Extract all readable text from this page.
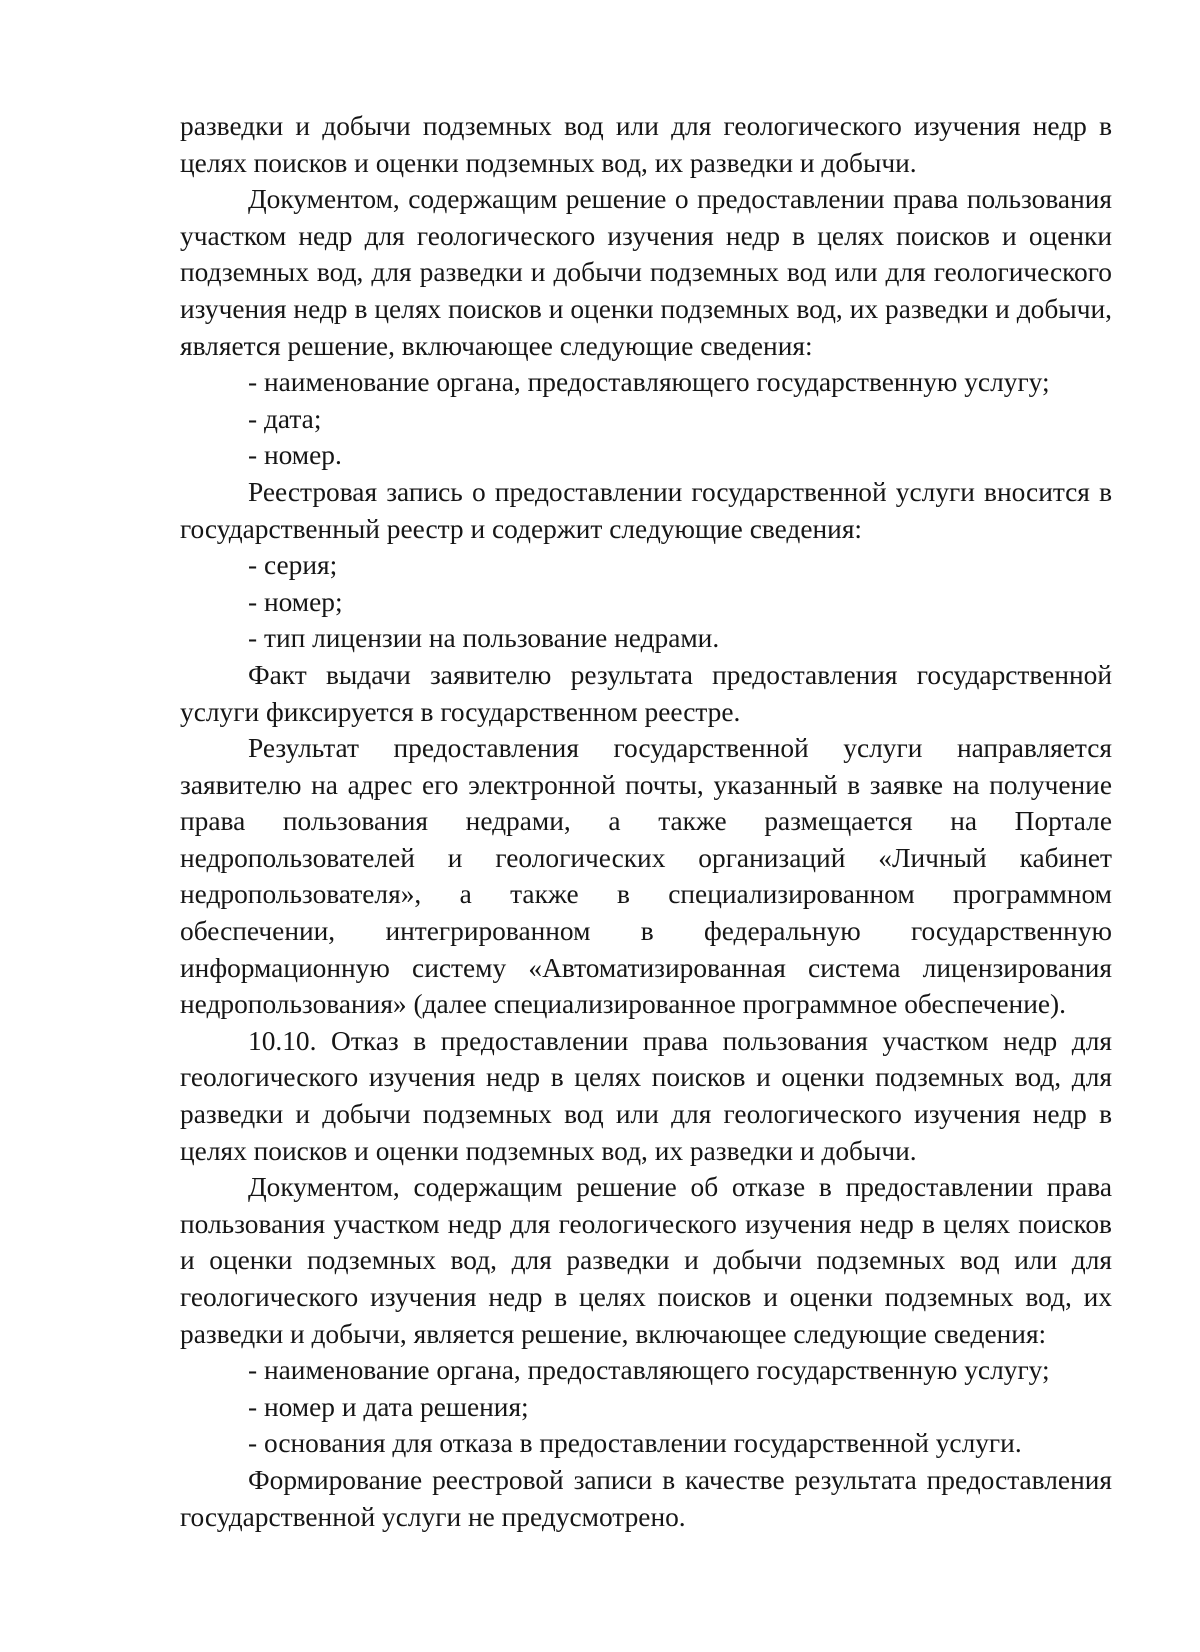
разведки и добычи подземных вод или для геологического изучения недр в целях поисков и оценки подземных вод, их разведки и добычи.

Документом, содержащим решение о предоставлении права пользования участком недр для геологического изучения недр в целях поисков и оценки подземных вод, для разведки и добычи подземных вод или для геологического изучения недр в целях поисков и оценки подземных вод, их разведки и добычи, является решение, включающее следующие сведения:

- наименование органа, предоставляющего государственную услугу;

- дата;

- номер.

Реестровая запись о предоставлении государственной услуги вносится в государственный реестр и содержит следующие сведения:

- серия;

- номер;

- тип лицензии на пользование недрами.

Факт выдачи заявителю результата предоставления государственной услуги фиксируется в государственном реестре.

Результат предоставления государственной услуги направляется заявителю на адрес его электронной почты, указанный в заявке на получение права пользования недрами, а также размещается на Портале недропользователей и геологических организаций «Личный кабинет недропользователя», а также в специализированном программном обеспечении, интегрированном в федеральную государственную информационную систему «Автоматизированная система лицензирования недропользования» (далее специализированное программное обеспечение).

10.10. Отказ в предоставлении права пользования участком недр для геологического изучения недр в целях поисков и оценки подземных вод, для разведки и добычи подземных вод или для геологического изучения недр в целях поисков и оценки подземных вод, их разведки и добычи.

Документом, содержащим решение об отказе в предоставлении права пользования участком недр для геологического изучения недр в целях поисков и оценки подземных вод, для разведки и добычи подземных вод или для геологического изучения недр в целях поисков и оценки подземных вод, их разведки и добычи, является решение, включающее следующие сведения:

- наименование органа, предоставляющего государственную услугу;

- номер и дата решения;

- основания для отказа в предоставлении государственной услуги.

Формирование реестровой записи в качестве результата предоставления государственной услуги не предусмотрено.
